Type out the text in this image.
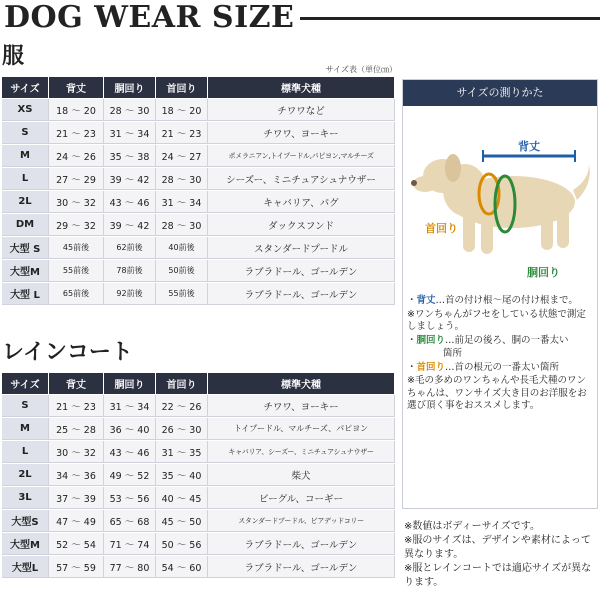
DOG WEAR SIZE
服
サイズ表（単位㎝）
サイズ	背丈	胴回り	首回り	標準犬種
XS	18 ～ 20	28 ～ 30	18 ～ 20	チワワなど
S	21 ～ 23	31 ～ 34	21 ～ 23	チワワ、ヨーキー
M	24 ～ 26	35 ～ 38	24 ～ 27	ポメラニアン,トイプードル,パピヨン,マルチーズ
L	27 ～ 29	39 ～ 42	28 ～ 30	シーズー、ミニチュアシュナウザー
2L	30 ～ 32	43 ～ 46	31 ～ 34	キャバリア、パグ
DM	29 ～ 32	39 ～ 42	28 ～ 30	ダックスフンド
大型 S	45前後	62前後	40前後	スタンダードプードル
大型M	55前後	78前後	50前後	ラブラドール、ゴールデン
大型 L	65前後	92前後	55前後	ラブラドール、ゴールデン
レインコート
サイズ	背丈	胴回り	首回り	標準犬種
S	21 ～ 23	31 ～ 34	22 ～ 26	チワワ、ヨーキー
M	25 ～ 28	36 ～ 40	26 ～ 30	トイプードル、マルチーズ、パピヨン
L	30 ～ 32	43 ～ 46	31 ～ 35	キャバリア、シーズー、ミニチュアシュナウザー
2L	34 ～ 36	49 ～ 52	35 ～ 40	柴犬
3L	37 ～ 39	53 ～ 56	40 ～ 45	ビーグル、コーギー
大型S	47 ～ 49	65 ～ 68	45 ～ 50	スタンダードプードル、ビアデッドコリー
大型M	52 ～ 54	71 ～ 74	50 ～ 56	ラブラドール、ゴールデン
大型L	57 ～ 59	77 ～ 80	54 ～ 60	ラブラドール、ゴールデン
サイズの測りかた
背丈
首回り
胴回り

・背丈…首の付け根～尾の付け根まで。

※ワンちゃんがフセをしている状態で測定しましょう。

・胴回り…前足の後ろ、胴の一番太い

箇所

・首回り…首の根元の一番太い箇所

※毛の多めのワンちゃんや長毛犬種のワンちゃんは、ワンサイズ大き目のお洋服をお選び頂く事をおススメします。

※数値はボディーサイズです。

※服のサイズは、デザインや素材によって異なります。

※服とレインコートでは適応サイズが異なります。
